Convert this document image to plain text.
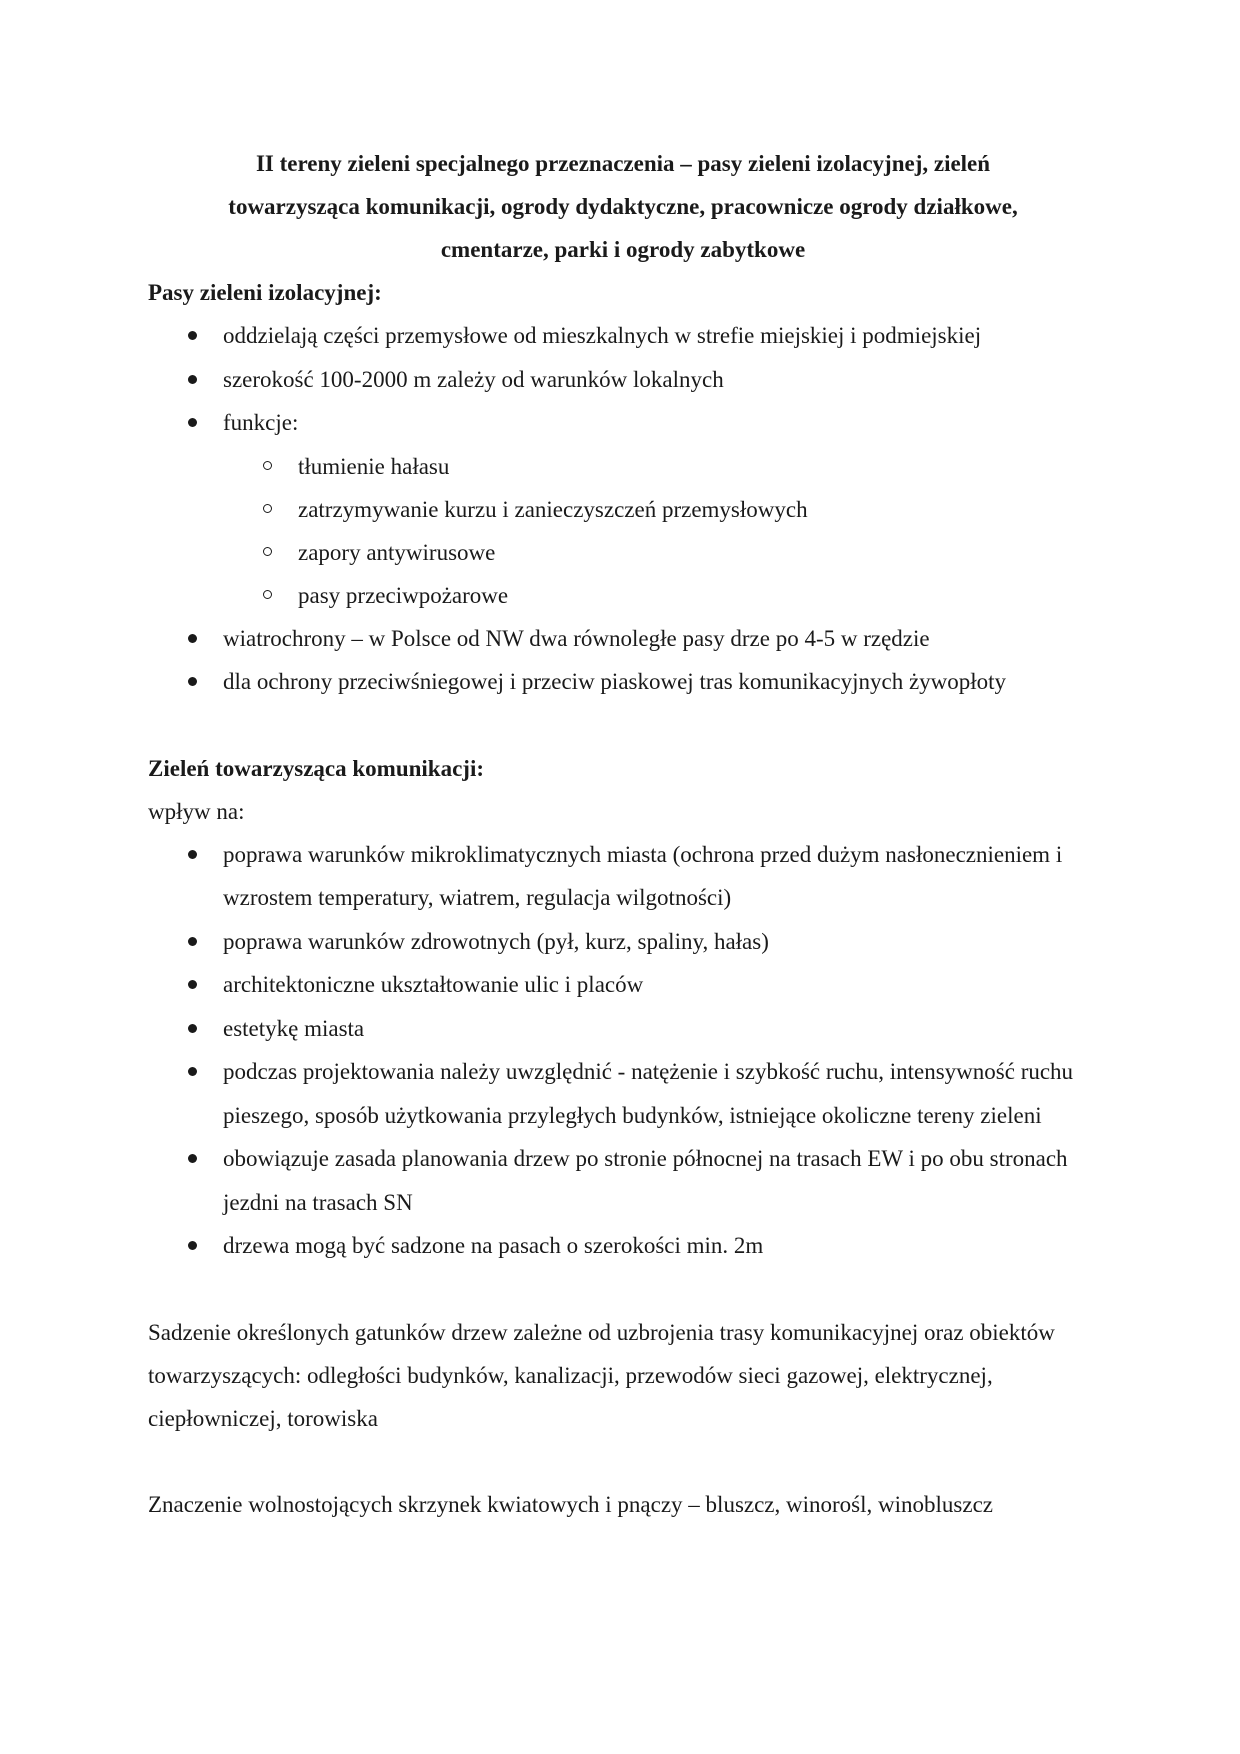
II tereny zieleni specjalnego przeznaczenia – pasy zieleni izolacyjnej, zieleń
towarzysząca komunikacji, ogrody dydaktyczne, pracownicze ogrody działkowe,
cmentarze, parki i ogrody zabytkowe
Pasy zieleni izolacyjnej:
oddzielają części przemysłowe od mieszkalnych w strefie miejskiej i podmiejskiej
szerokość 100-2000 m zależy od warunków lokalnych
funkcje:
tłumienie hałasu
zatrzymywanie kurzu i zanieczyszczeń przemysłowych
zapory antywirusowe
pasy przeciwpożarowe
wiatrochrony – w Polsce od NW dwa równoległe pasy drze po 4-5 w rzędzie
dla ochrony przeciwśniegowej i przeciw piaskowej tras komunikacyjnych żywopłoty
Zieleń towarzysząca komunikacji:

wpływ na:

poprawa warunków mikroklimatycznych miasta (ochrona przed dużym nasłonecznieniem i wzrostem temperatury, wiatrem, regulacja wilgotności)
poprawa warunków zdrowotnych (pył, kurz, spaliny, hałas)
architektoniczne ukształtowanie ulic i placów
estetykę miasta
podczas projektowania należy uwzględnić - natężenie i szybkość ruchu, intensywność ruchu pieszego, sposób użytkowania przyległych budynków, istniejące okoliczne tereny zieleni
obowiązuje zasada planowania drzew po stronie północnej na trasach EW i po obu stronach jezdni na trasach SN
drzewa mogą być sadzone na pasach o szerokości min. 2m

Sadzenie określonych gatunków drzew zależne od uzbrojenia trasy komunikacyjnej oraz obiektów towarzyszących: odległości budynków, kanalizacji, przewodów sieci gazowej, elektrycznej, ciepłowniczej, torowiska

Znaczenie wolnostojących skrzynek kwiatowych i pnączy – bluszcz, winorośl, winobluszcz
